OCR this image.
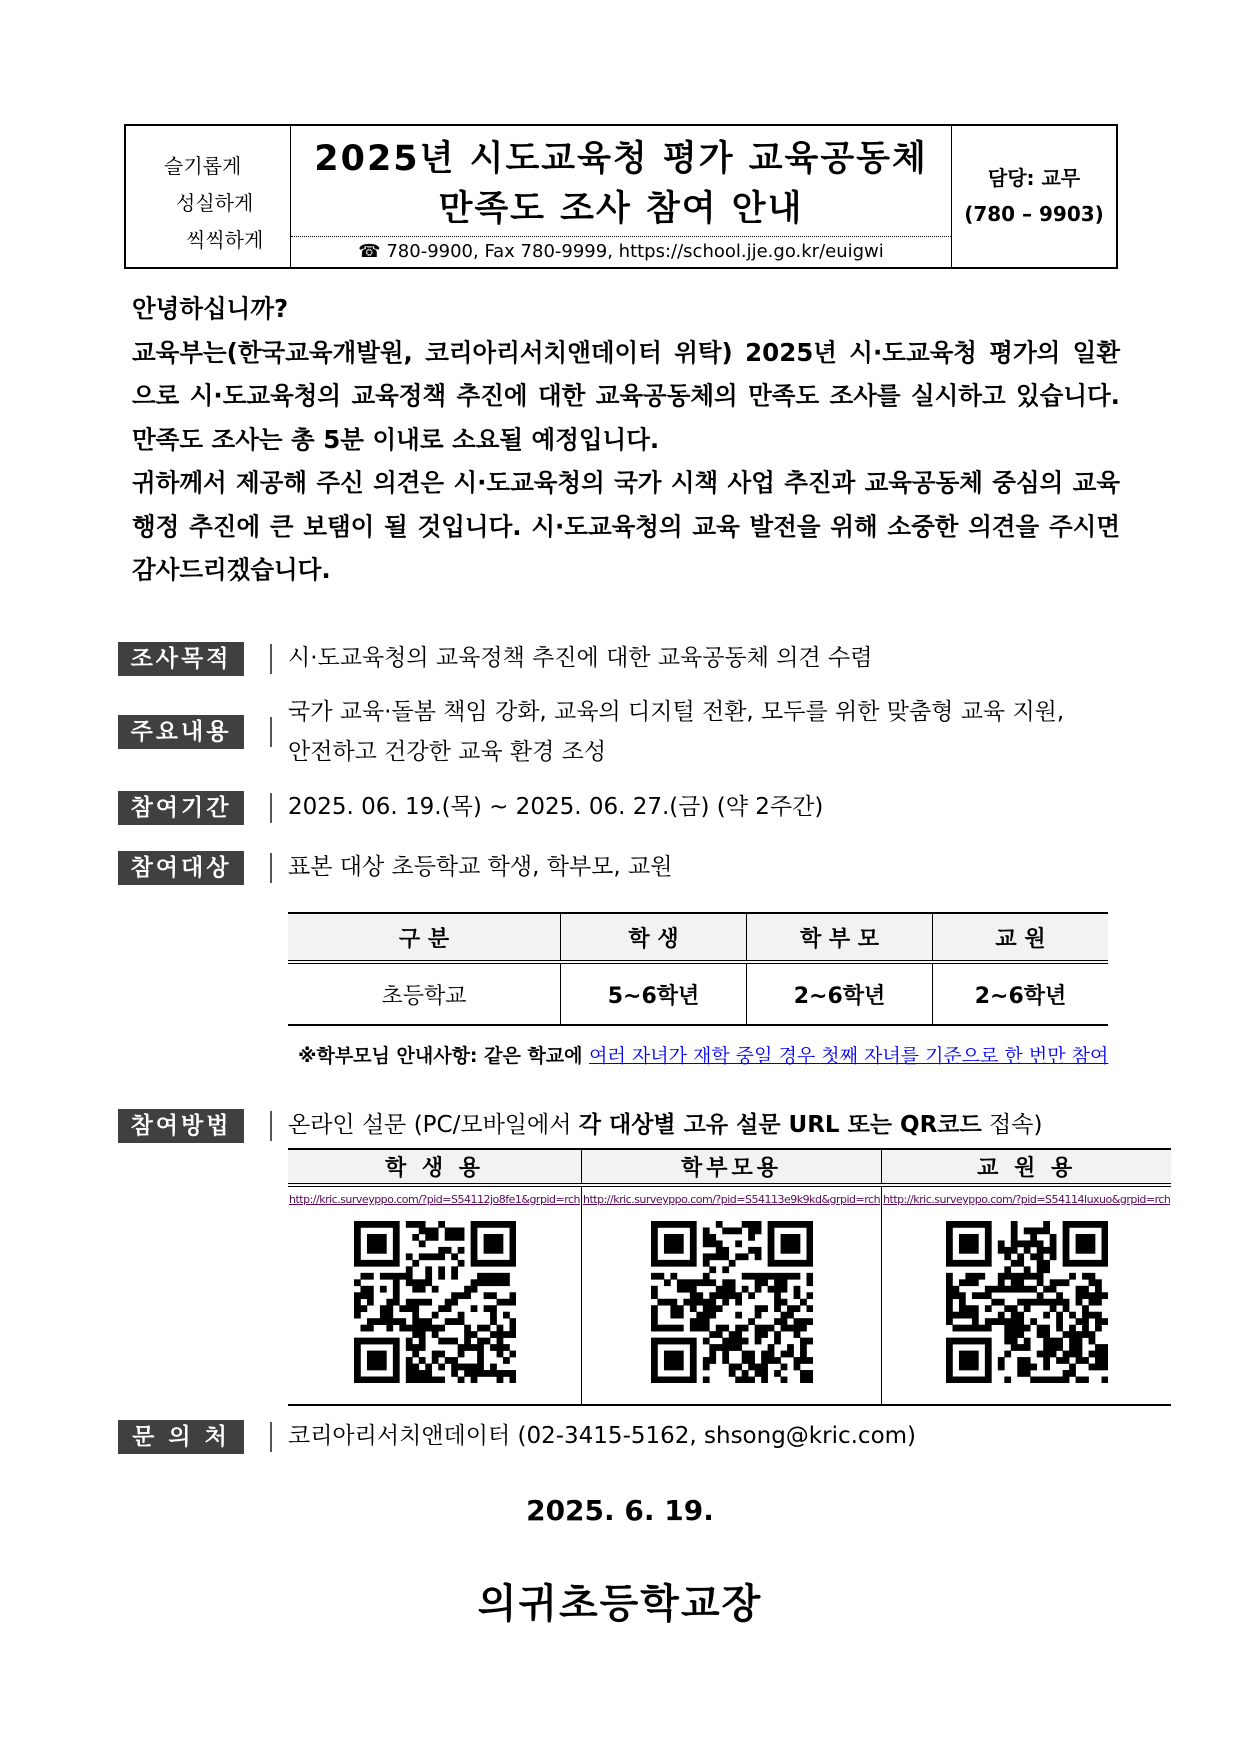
슬기롭게
성실하게
씩씩하게
2025년 시도교육청 평가 교육공동체
만족도 조사 참여 안내
☎ 780-9900, Fax 780-9999, https://school.jje.go.kr/euigwi
담당: 교무
(780 – 9903)

안녕하십니까?

교육부는(한국교육개발원, 코리아리서치앤데이터 위탁) 2025년 시·도교육청 평가의 일환으로 시·도교육청의 교육정책 추진에 대한 교육공동체의 만족도 조사를 실시하고 있습니다. 만족도 조사는 총 5분 이내로 소요될 예정입니다.

귀하께서 제공해 주신 의견은 시·도교육청의 국가 시책 사업 추진과 교육공동체 중심의 교육행정 추진에 큰 보탬이 될 것입니다. 시·도교육청의 교육 발전을 위해 소중한 의견을 주시면 감사드리겠습니다.

조사목적	시·도교육청의 교육정책 추진에 대한 교육공동체 의견 수렴
주요내용
국가 교육·돌봄 책임 강화, 교육의 디지털 전환, 모두를 위한 맞춤형 교육 지원,
안전하고 건강한 교육 환경 조성
참여기간	2025. 06. 19.(목) ~ 2025. 06. 27.(금) (약 2주간)
참여대상	표본 대상 초등학교 학생, 학부모, 교원
구 분	학 생	학 부 모	교 원
초등학교	5~6학년	2~6학년	2~6학년
※학부모님 안내사항: 같은 학교에 여러 자녀가 재학 중일 경우 첫째 자녀를 기준으로 한 번만 참여
참여방법	온라인 설문 (PC/모바일에서 각 대상별 고유 설문 URL 또는 QR코드 접속)
학 생 용	학부모용	교 원 용

http://kric.surveyppo.com/?pid=S54112jo8fe1&grpid=rch	http://kric.surveyppo.com/?pid=S54113e9k9kd&grpid=rch	http://kric.surveyppo.com/?pid=S54114luxuo&grpid=rch
문 의 처	코리아리서치앤데이터 (02-3415-5162, shsong@kric.com)
2025. 6. 19.
의귀초등학교장
